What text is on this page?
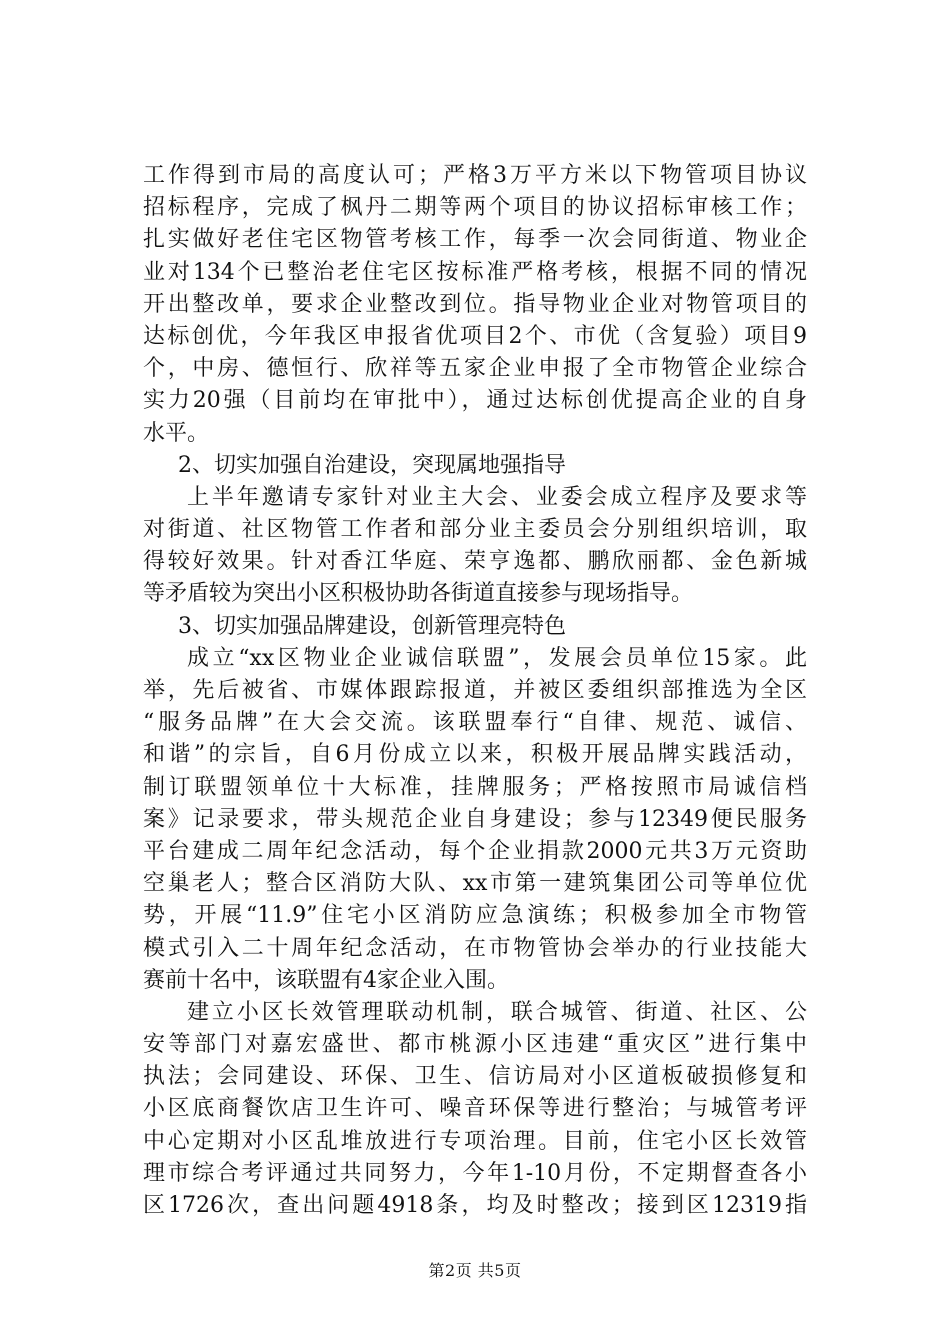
工作得到市局的高度认可；严格3万平方米以下物管项目协议
招标程序，完成了枫丹二期等两个项目的协议招标审核工作；
扎实做好老住宅区物管考核工作，每季一次会同街道、物业企
业对134个已整治老住宅区按标准严格考核，根据不同的情况
开出整改单，要求企业整改到位。指导物业企业对物管项目的
达标创优，今年我区申报省优项目2个、市优（含复验）项目9
个，中房、德恒行、欣祥等五家企业申报了全市物管企业综合
实力20强（目前均在审批中），通过达标创优提高企业的自身
水平。
2、切实加强自治建设，突现属地强指导
上半年邀请专家针对业主大会、业委会成立程序及要求等
对街道、社区物管工作者和部分业主委员会分别组织培训，取
得较好效果。针对香江华庭、荣亨逸都、鹏欣丽都、金色新城
等矛盾较为突出小区积极协助各街道直接参与现场指导。
3、切实加强品牌建设，创新管理亮特色
成立“xx区物业企业诚信联盟”，发展会员单位15家。此
举，先后被省、市媒体跟踪报道，并被区委组织部推选为全区
“服务品牌”在大会交流。该联盟奉行“自律、规范、诚信、
和谐”的宗旨，自6月份成立以来，积极开展品牌实践活动，
制订联盟领单位十大标准，挂牌服务；严格按照市局诚信档
案》记录要求，带头规范企业自身建设；参与12349便民服务
平台建成二周年纪念活动，每个企业捐款2000元共3万元资助
空巢老人；整合区消防大队、xx市第一建筑集团公司等单位优
势，开展“11.9”住宅小区消防应急演练；积极参加全市物管
模式引入二十周年纪念活动，在市物管协会举办的行业技能大
赛前十名中，该联盟有4家企业入围。
建立小区长效管理联动机制，联合城管、街道、社区、公
安等部门对嘉宏盛世、都市桃源小区违建“重灾区”进行集中
执法；会同建设、环保、卫生、信访局对小区道板破损修复和
小区底商餐饮店卫生许可、噪音环保等进行整治；与城管考评
中心定期对小区乱堆放进行专项治理。目前，住宅小区长效管
理市综合考评通过共同努力，今年1-10月份，不定期督查各小
区1726次，查出问题4918条，均及时整改；接到区12319指
第2页 共5页
